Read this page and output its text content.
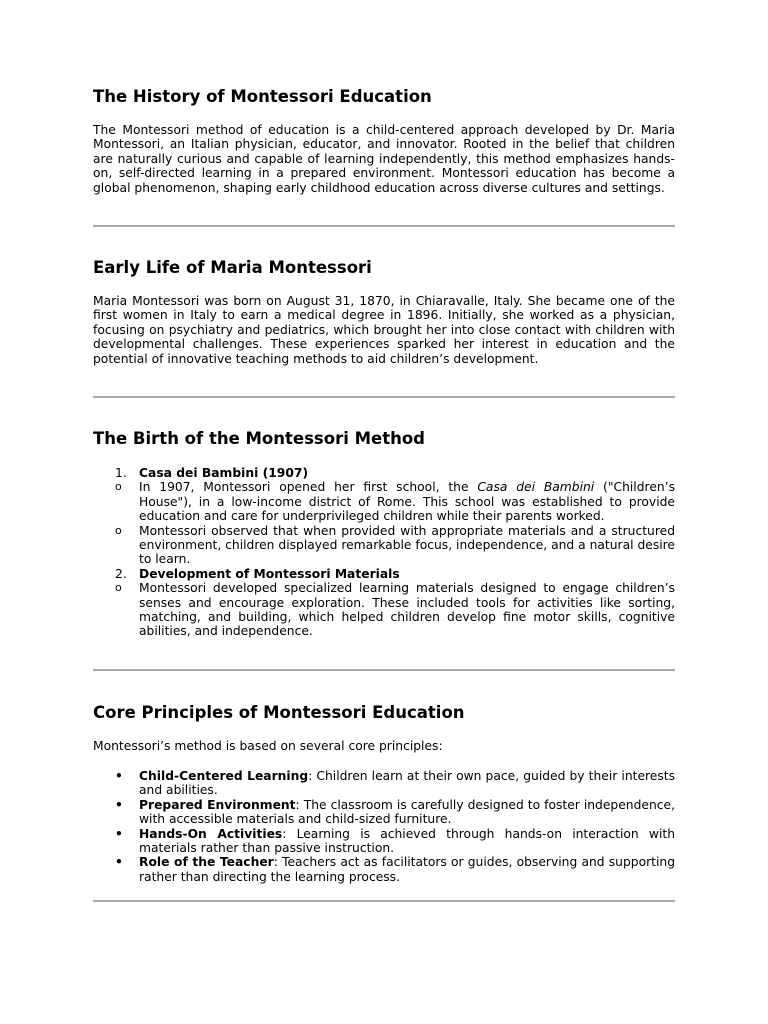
The History of Montessori Education

The Montessori method of education is a child-centered approach developed by Dr. Maria Montessori, an Italian physician, educator, and innovator. Rooted in the belief that children are naturally curious and capable of learning independently, this method emphasizes hands-on, self-directed learning in a prepared environment. Montessori education has become a global phenomenon, shaping early childhood education across diverse cultures and settings.

Early Life of Maria Montessori

Maria Montessori was born on August 31, 1870, in Chiaravalle, Italy. She became one of the first women in Italy to earn a medical degree in 1896. Initially, she worked as a physician, focusing on psychiatry and pediatrics, which brought her into close contact with children with developmental challenges. These experiences sparked her interest in education and the potential of innovative teaching methods to aid children’s development.

The Birth of the Montessori Method
1. Casa dei Bambini (1907)
o In 1907, Montessori opened her first school, the Casa dei Bambini ("Children’s House"), in a low-income district of Rome. This school was established to provide education and care for underprivileged children while their parents worked.
o Montessori observed that when provided with appropriate materials and a structured environment, children displayed remarkable focus, independence, and a natural desire to learn.
2. Development of Montessori Materials
o Montessori developed specialized learning materials designed to engage children’s senses and encourage exploration. These included tools for activities like sorting, matching, and building, which helped children develop fine motor skills, cognitive abilities, and independence.
Core Principles of Montessori Education

Montessori’s method is based on several core principles:

• Child-Centered Learning: Children learn at their own pace, guided by their interests and abilities.
• Prepared Environment: The classroom is carefully designed to foster independence, with accessible materials and child-sized furniture.
• Hands-On Activities: Learning is achieved through hands-on interaction with materials rather than passive instruction.
• Role of the Teacher: Teachers act as facilitators or guides, observing and supporting rather than directing the learning process.
